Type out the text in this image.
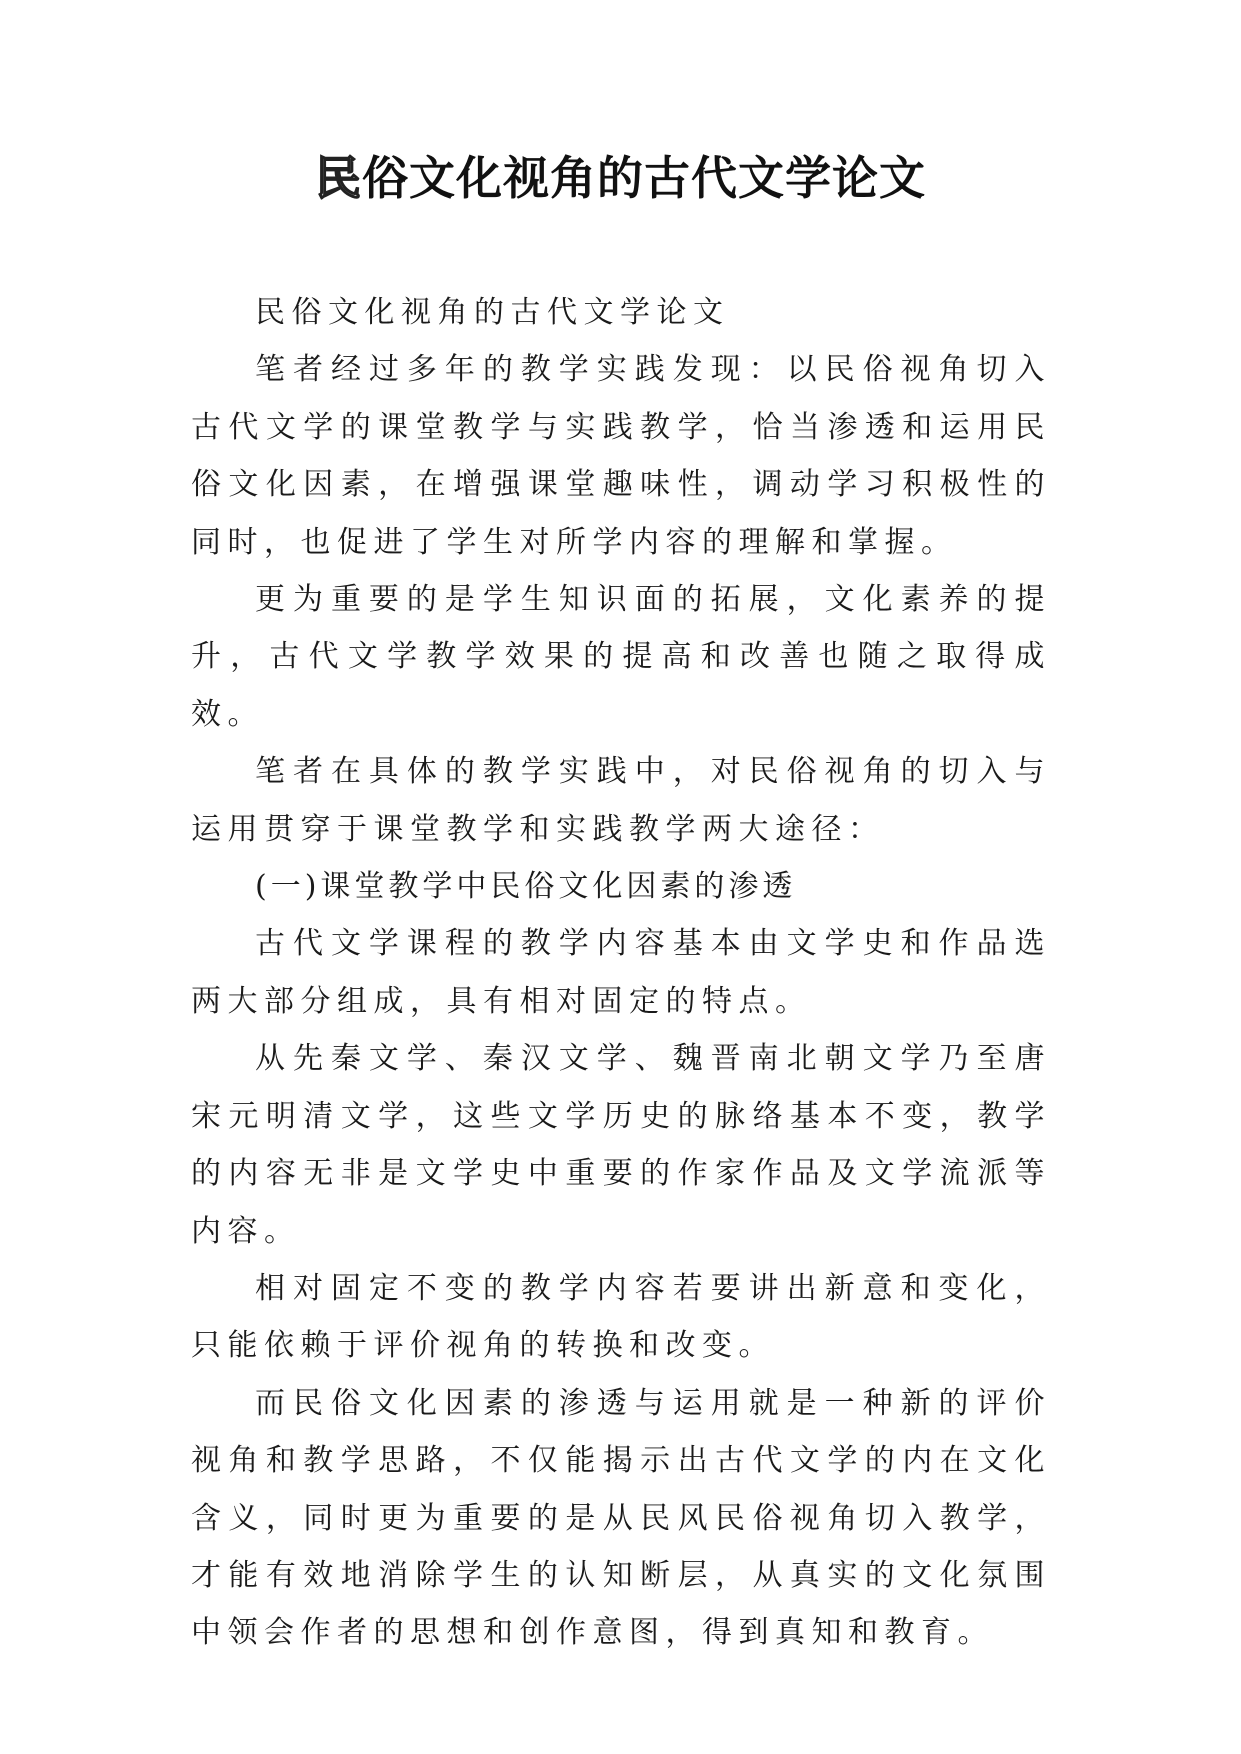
民俗文化视角的古代文学论文

民俗文化视角的古代文学论文

笔者经过多年的教学实践发现：以民俗视角切入古代文学的课堂教学与实践教学，恰当渗透和运用民俗文化因素，在增强课堂趣味性，调动学习积极性的同时，也促进了学生对所学内容的理解和掌握。

更为重要的是学生知识面的拓展，文化素养的提升，古代文学教学效果的提高和改善也随之取得成效。

笔者在具体的教学实践中，对民俗视角的切入与运用贯穿于课堂教学和实践教学两大途径：

(一)课堂教学中民俗文化因素的渗透

古代文学课程的教学内容基本由文学史和作品选两大部分组成，具有相对固定的特点。

从先秦文学、秦汉文学、魏晋南北朝文学乃至唐宋元明清文学，这些文学历史的脉络基本不变，教学的内容无非是文学史中重要的作家作品及文学流派等内容。

相对固定不变的教学内容若要讲出新意和变化，只能依赖于评价视角的转换和改变。

而民俗文化因素的渗透与运用就是一种新的评价视角和教学思路，不仅能揭示出古代文学的内在文化含义，同时更为重要的是从民风民俗视角切入教学，才能有效地消除学生的认知断层，从真实的文化氛围中领会作者的思想和创作意图，得到真知和教育。
